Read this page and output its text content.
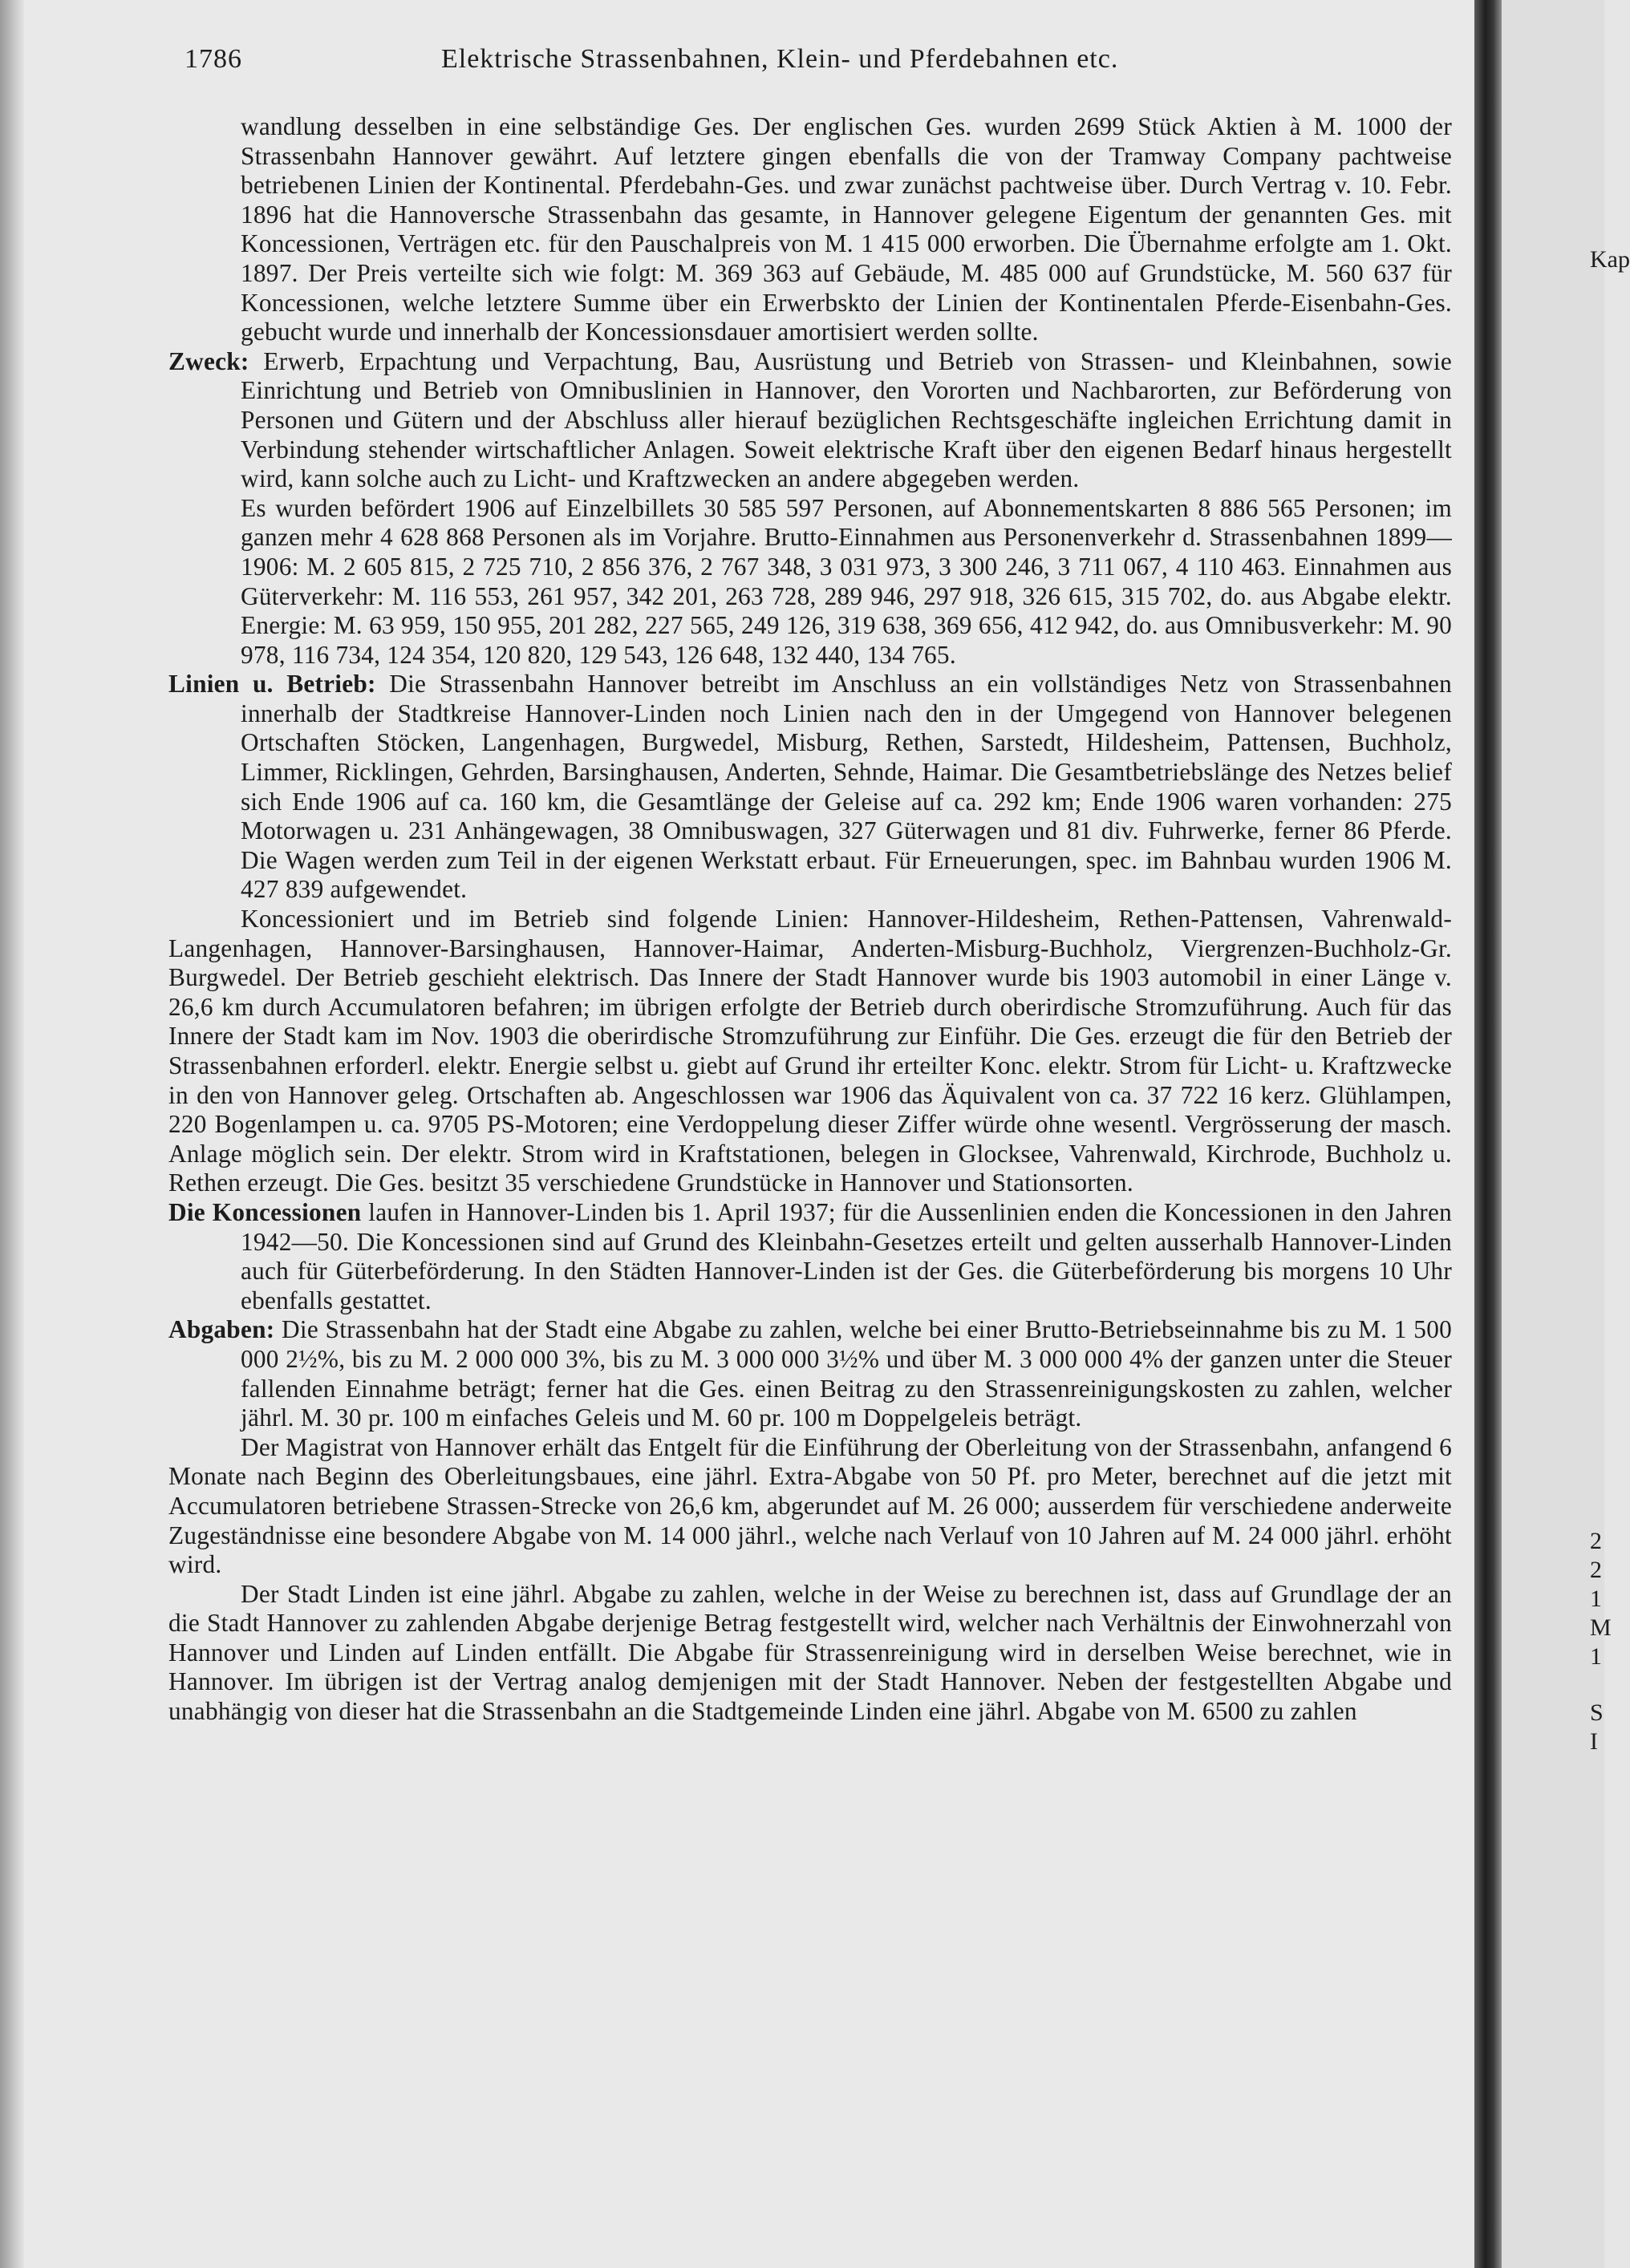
1786	Elektrische Strassenbahnen, Klein- und Pferdebahnen etc.

wandlung desselben in eine selbständige Ges. Der englischen Ges. wurden 2699 Stück Aktien à M. 1000 der Strassenbahn Hannover gewährt. Auf letztere gingen ebenfalls die von der Tramway Company pachtweise betriebenen Linien der Kontinental. Pferdebahn-Ges. und zwar zunächst pachtweise über. Durch Vertrag v. 10. Febr. 1896 hat die Hannoversche Strassenbahn das gesamte, in Hannover gelegene Eigentum der genannten Ges. mit Koncessionen, Verträgen etc. für den Pauschalpreis von M. 1 415 000 erworben. Die Übernahme erfolgte am 1. Okt. 1897. Der Preis verteilte sich wie folgt: M. 369 363 auf Gebäude, M. 485 000 auf Grundstücke, M. 560 637 für Koncessionen, welche letztere Summe über ein Erwerbskto der Linien der Kontinentalen Pferde-Eisenbahn-Ges. gebucht wurde und innerhalb der Koncessionsdauer amortisiert werden sollte.

Zweck: Erwerb, Erpachtung und Verpachtung, Bau, Ausrüstung und Betrieb von Strassen- und Kleinbahnen, sowie Einrichtung und Betrieb von Omnibuslinien in Hannover, den Vororten und Nachbarorten, zur Beförderung von Personen und Gütern und der Abschluss aller hierauf bezüglichen Rechtsgeschäfte ingleichen Errichtung damit in Verbindung stehender wirtschaftlicher Anlagen. Soweit elektrische Kraft über den eigenen Bedarf hinaus hergestellt wird, kann solche auch zu Licht- und Kraftzwecken an andere abgegeben werden.

Es wurden befördert 1906 auf Einzelbillets 30 585 597 Personen, auf Abonnementskarten 8 886 565 Personen; im ganzen mehr 4 628 868 Personen als im Vorjahre. Brutto-Einnahmen aus Personenverkehr d. Strassenbahnen 1899—1906: M. 2 605 815, 2 725 710, 2 856 376, 2 767 348, 3 031 973, 3 300 246, 3 711 067, 4 110 463. Einnahmen aus Güterverkehr: M. 116 553, 261 957, 342 201, 263 728, 289 946, 297 918, 326 615, 315 702, do. aus Abgabe elektr. Energie: M. 63 959, 150 955, 201 282, 227 565, 249 126, 319 638, 369 656, 412 942, do. aus Omnibusverkehr: M. 90 978, 116 734, 124 354, 120 820, 129 543, 126 648, 132 440, 134 765.

Linien u. Betrieb: Die Strassenbahn Hannover betreibt im Anschluss an ein vollständiges Netz von Strassenbahnen innerhalb der Stadtkreise Hannover-Linden noch Linien nach den in der Umgegend von Hannover belegenen Ortschaften Stöcken, Langenhagen, Burgwedel, Misburg, Rethen, Sarstedt, Hildesheim, Pattensen, Buchholz, Limmer, Ricklingen, Gehrden, Barsinghausen, Anderten, Sehnde, Haimar. Die Gesamtbetriebslänge des Netzes belief sich Ende 1906 auf ca. 160 km, die Gesamtlänge der Geleise auf ca. 292 km; Ende 1906 waren vorhanden: 275 Motorwagen u. 231 Anhängewagen, 38 Omnibuswagen, 327 Güterwagen und 81 div. Fuhrwerke, ferner 86 Pferde. Die Wagen werden zum Teil in der eigenen Werkstatt erbaut. Für Erneuerungen, spec. im Bahnbau wurden 1906 M. 427 839 aufgewendet.

Koncessioniert und im Betrieb sind folgende Linien: Hannover-Hildesheim, Rethen-Pattensen, Vahrenwald-Langenhagen, Hannover-Barsinghausen, Hannover-Haimar, Anderten-Misburg-Buchholz, Viergrenzen-Buchholz-Gr. Burgwedel. Der Betrieb geschieht elektrisch. Das Innere der Stadt Hannover wurde bis 1903 automobil in einer Länge v. 26,6 km durch Accumulatoren befahren; im übrigen erfolgte der Betrieb durch oberirdische Stromzuführung. Auch für das Innere der Stadt kam im Nov. 1903 die oberirdische Stromzuführung zur Einführ. Die Ges. erzeugt die für den Betrieb der Strassenbahnen erforderl. elektr. Energie selbst u. giebt auf Grund ihr erteilter Konc. elektr. Strom für Licht- u. Kraftzwecke in den von Hannover geleg. Ortschaften ab. Angeschlossen war 1906 das Äquivalent von ca. 37 722 16 kerz. Glühlampen, 220 Bogenlampen u. ca. 9705 PS-Motoren; eine Verdoppelung dieser Ziffer würde ohne wesentl. Vergrösserung der masch. Anlage möglich sein. Der elektr. Strom wird in Kraftstationen, belegen in Glocksee, Vahrenwald, Kirchrode, Buchholz u. Rethen erzeugt. Die Ges. besitzt 35 verschiedene Grundstücke in Hannover und Stationsorten.

Die Koncessionen laufen in Hannover-Linden bis 1. April 1937; für die Aussenlinien enden die Koncessionen in den Jahren 1942—50. Die Koncessionen sind auf Grund des Kleinbahn-Gesetzes erteilt und gelten ausserhalb Hannover-Linden auch für Güterbeförderung. In den Städten Hannover-Linden ist der Ges. die Güterbeförderung bis morgens 10 Uhr ebenfalls gestattet.

Abgaben: Die Strassenbahn hat der Stadt eine Abgabe zu zahlen, welche bei einer Brutto-Betriebseinnahme bis zu M. 1 500 000 2½%, bis zu M. 2 000 000 3%, bis zu M. 3 000 000 3½% und über M. 3 000 000 4% der ganzen unter die Steuer fallenden Einnahme beträgt; ferner hat die Ges. einen Beitrag zu den Strassenreinigungskosten zu zahlen, welcher jährl. M. 30 pr. 100 m einfaches Geleis und M. 60 pr. 100 m Doppelgeleis beträgt.

Der Magistrat von Hannover erhält das Entgelt für die Einführung der Oberleitung von der Strassenbahn, anfangend 6 Monate nach Beginn des Oberleitungsbaues, eine jährl. Extra-Abgabe von 50 Pf. pro Meter, berechnet auf die jetzt mit Accumulatoren betriebene Strassen-Strecke von 26,6 km, abgerundet auf M. 26 000; ausserdem für verschiedene anderweite Zugeständnisse eine besondere Abgabe von M. 14 000 jährl., welche nach Verlauf von 10 Jahren auf M. 24 000 jährl. erhöht wird.

Der Stadt Linden ist eine jährl. Abgabe zu zahlen, welche in der Weise zu berechnen ist, dass auf Grundlage der an die Stadt Hannover zu zahlenden Abgabe derjenige Betrag festgestellt wird, welcher nach Verhältnis der Einwohnerzahl von Hannover und Linden auf Linden entfällt. Die Abgabe für Strassenreinigung wird in derselben Weise berechnet, wie in Hannover. Im übrigen ist der Vertrag analog demjenigen mit der Stadt Hannover. Neben der festgestellten Abgabe und unabhängig von dieser hat die Strassenbahn an die Stadtgemeinde Linden eine jährl. Abgabe von M. 6500 zu zahlen

Kap
2
2
1
M
1
S
I
